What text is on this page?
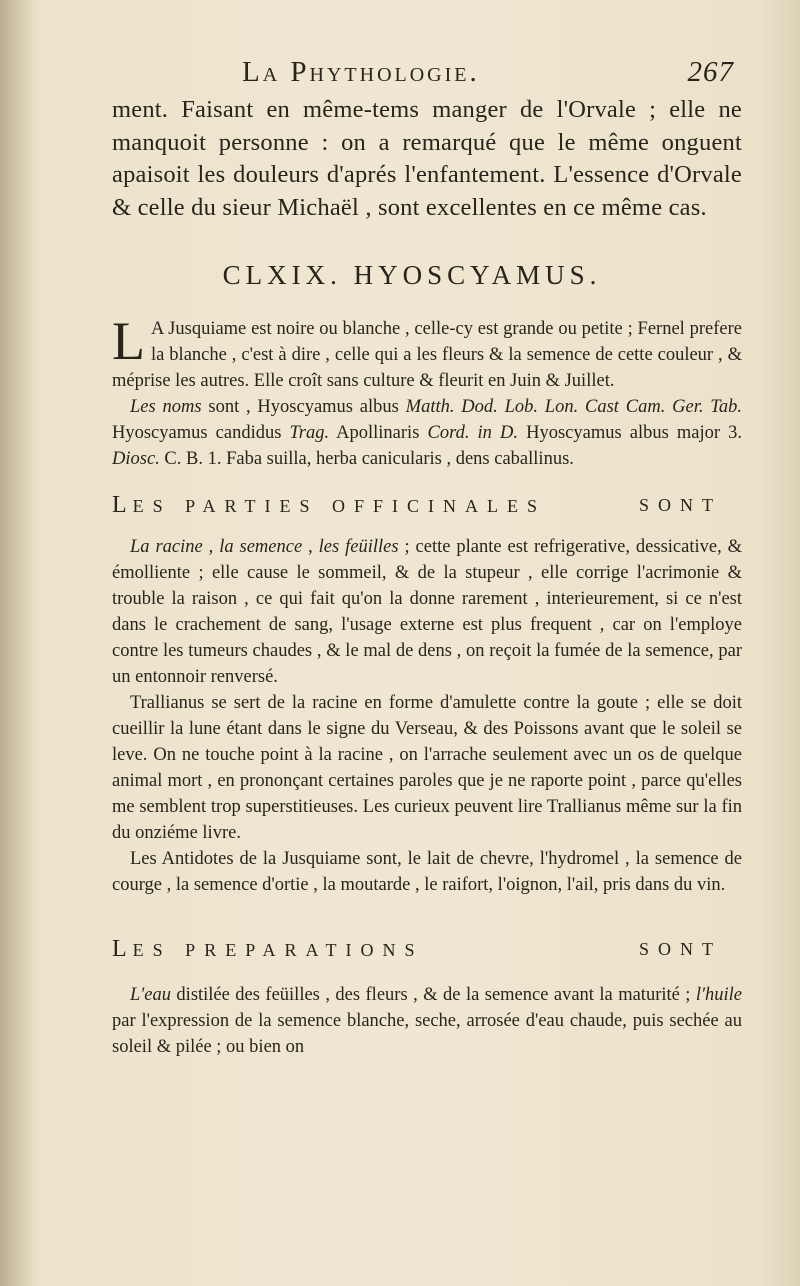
La Phythologie.	267

ment. Faisant en même-tems manger de l'Orvale ; elle ne manquoit personne : on a remarqué que le même onguent apaisoit les douleurs d'aprés l'enfantement. L'essence d'Orvale & celle du sieur Michaël , sont excellentes en ce même cas.

CLXIX. HYOSCYAMUS.

L A Jusquiame est noire ou blanche , celle-cy est grande ou petite ; Fernel prefere la blanche , c'est à dire , celle qui a les fleurs & la semence de cette couleur , & méprise les autres. Elle croît sans culture & fleurit en Juin & Juillet.

Les noms sont , Hyoscyamus albus Matth. Dod. Lob. Lon. Cast Cam. Ger. Tab. Hyoscyamus candidus Trag. Apollinaris Cord. in D. Hyoscyamus albus major 3. Diosc. C. B. 1. Faba suilla, herba canicularis , dens caballinus.

LES PARTIES OFFICINALES	SONT

La racine , la semence , les feüilles ; cette plante est refrigerative, dessicative, & émolliente ; elle cause le sommeil, & de la stupeur , elle corrige l'acrimonie & trouble la raison , ce qui fait qu'on la donne rarement , interieurement, si ce n'est dans le crachement de sang, l'usage externe est plus frequent , car on l'employe contre les tumeurs chaudes , & le mal de dens , on reçoit la fumée de la semence, par un entonnoir renversé.

Trallianus se sert de la racine en forme d'amulette contre la goute ; elle se doit cueillir la lune étant dans le signe du Verseau, & des Poissons avant que le soleil se leve. On ne touche point à la racine , on l'arrache seulement avec un os de quelque animal mort , en prononçant certaines paroles que je ne raporte point , parce qu'elles me semblent trop superstitieuses. Les curieux peuvent lire Trallianus même sur la fin du onziéme livre.

Les Antidotes de la Jusquiame sont, le lait de chevre, l'hydromel , la semence de courge , la semence d'ortie , la moutarde , le raifort, l'oignon, l'ail, pris dans du vin.

LES PREPARATIONS	SONT

L'eau distilée des feüilles , des fleurs , & de la semence avant la maturité ; l'huile par l'expression de la semence blanche, seche, arrosée d'eau chaude, puis sechée au soleil & pilée ; ou bien on
